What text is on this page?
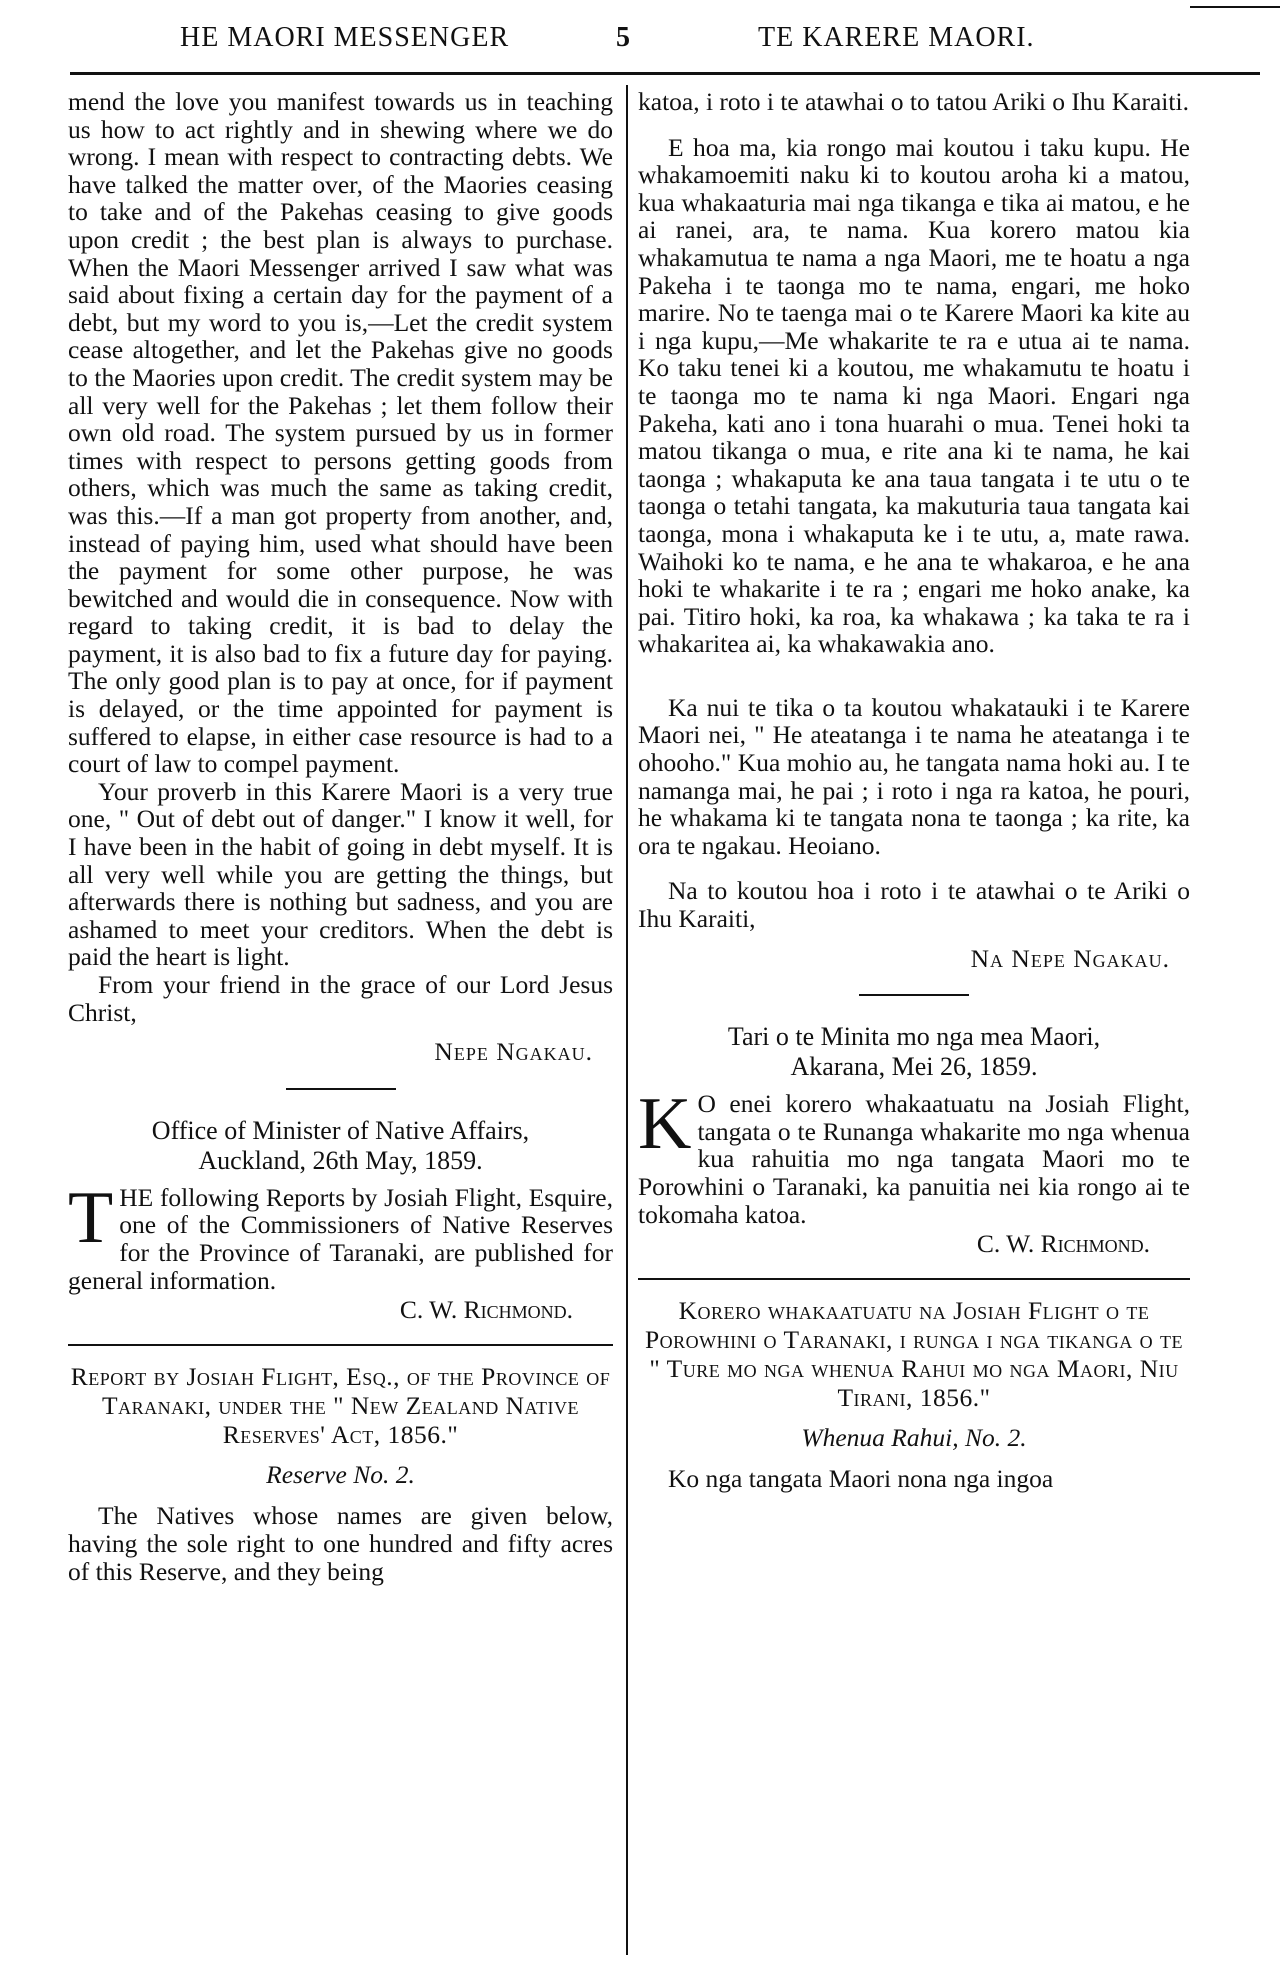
HE MAORI MESSENGER	5	TE KARERE MAORI.

mend the love you manifest towards us in teaching us how to act rightly and in shewing where we do wrong. I mean with respect to contracting debts. We have talked the matter over, of the Maories ceasing to take and of the Pakehas ceasing to give goods upon credit ; the best plan is always to purchase. When the Maori Messenger arrived I saw what was said about fixing a certain day for the payment of a debt, but my word to you is,—Let the credit system cease altogether, and let the Pakehas give no goods to the Maories upon credit. The credit system may be all very well for the Pakehas ; let them follow their own old road. The system pursued by us in former times with respect to persons getting goods from others, which was much the same as taking credit, was this.—If a man got property from another, and, instead of paying him, used what should have been the payment for some other purpose, he was bewitched and would die in consequence. Now with regard to taking credit, it is bad to delay the payment, it is also bad to fix a future day for paying. The only good plan is to pay at once, for if payment is delayed, or the time appointed for payment is suffered to elapse, in either case resource is had to a court of law to compel payment.

Your proverb in this Karere Maori is a very true one, " Out of debt out of danger." I know it well, for I have been in the habit of going in debt myself. It is all very well while you are getting the things, but afterwards there is nothing but sadness, and you are ashamed to meet your creditors. When the debt is paid the heart is light.

From your friend in the grace of our Lord Jesus Christ,

Nepe Ngakau.

Office of Minister of Native Affairs,

Auckland, 26th May, 1859.

THE following Reports by Josiah Flight, Esquire, one of the Commissioners of Native Reserves for the Province of Taranaki, are published for general information.

C. W. Richmond.

Report by Josiah Flight, Esq., of the Province of Taranaki, under the " New Zealand Native Reserves' Act, 1856."

Reserve No. 2.

The Natives whose names are given below, having the sole right to one hundred and fifty acres of this Reserve, and they being

katoa, i roto i te atawhai o to tatou Ariki o Ihu Karaiti.

E hoa ma, kia rongo mai koutou i taku kupu. He whakamoemiti naku ki to koutou aroha ki a matou, kua whakaaturia mai nga tikanga e tika ai matou, e he ai ranei, ara, te nama. Kua korero matou kia whakamutua te nama a nga Maori, me te hoatu a nga Pakeha i te taonga mo te nama, engari, me hoko marire. No te taenga mai o te Karere Maori ka kite au i nga kupu,—Me whakarite te ra e utua ai te nama. Ko taku tenei ki a koutou, me whakamutu te hoatu i te taonga mo te nama ki nga Maori. Engari nga Pakeha, kati ano i tona huarahi o mua. Tenei hoki ta matou tikanga o mua, e rite ana ki te nama, he kai taonga ; whakaputa ke ana taua tangata i te utu o te taonga o tetahi tangata, ka makuturia taua tangata kai taonga, mona i whakaputa ke i te utu, a, mate rawa. Waihoki ko te nama, e he ana te whakaroa, e he ana hoki te whakarite i te ra ; engari me hoko anake, ka pai. Titiro hoki, ka roa, ka whakawa ; ka taka te ra i whakaritea ai, ka whakawakia ano.

Ka nui te tika o ta koutou whakatauki i te Karere Maori nei, " He ateatanga i te nama he ateatanga i te ohooho." Kua mohio au, he tangata nama hoki au. I te namanga mai, he pai ; i roto i nga ra katoa, he pouri, he whakama ki te tangata nona te taonga ; ka rite, ka ora te ngakau. Heoiano.

Na to koutou hoa i roto i te atawhai o te Ariki o Ihu Karaiti,

Na Nepe Ngakau.

Tari o te Minita mo nga mea Maori,

Akarana, Mei 26, 1859.

K O enei korero whakaatuatu na Josiah Flight, tangata o te Runanga whakarite mo nga whenua kua rahuitia mo nga tangata Maori mo te Porowhini o Taranaki, ka panuitia nei kia rongo ai te tokomaha katoa.

C. W. Richmond.

Korero whakaatuatu na Josiah Flight o te Porowhini o Taranaki, i runga i nga tikanga o te " Ture mo nga whenua Rahui mo nga Maori, Niu Tirani, 1856."

Whenua Rahui, No. 2.

Ko nga tangata Maori nona nga ingoa
